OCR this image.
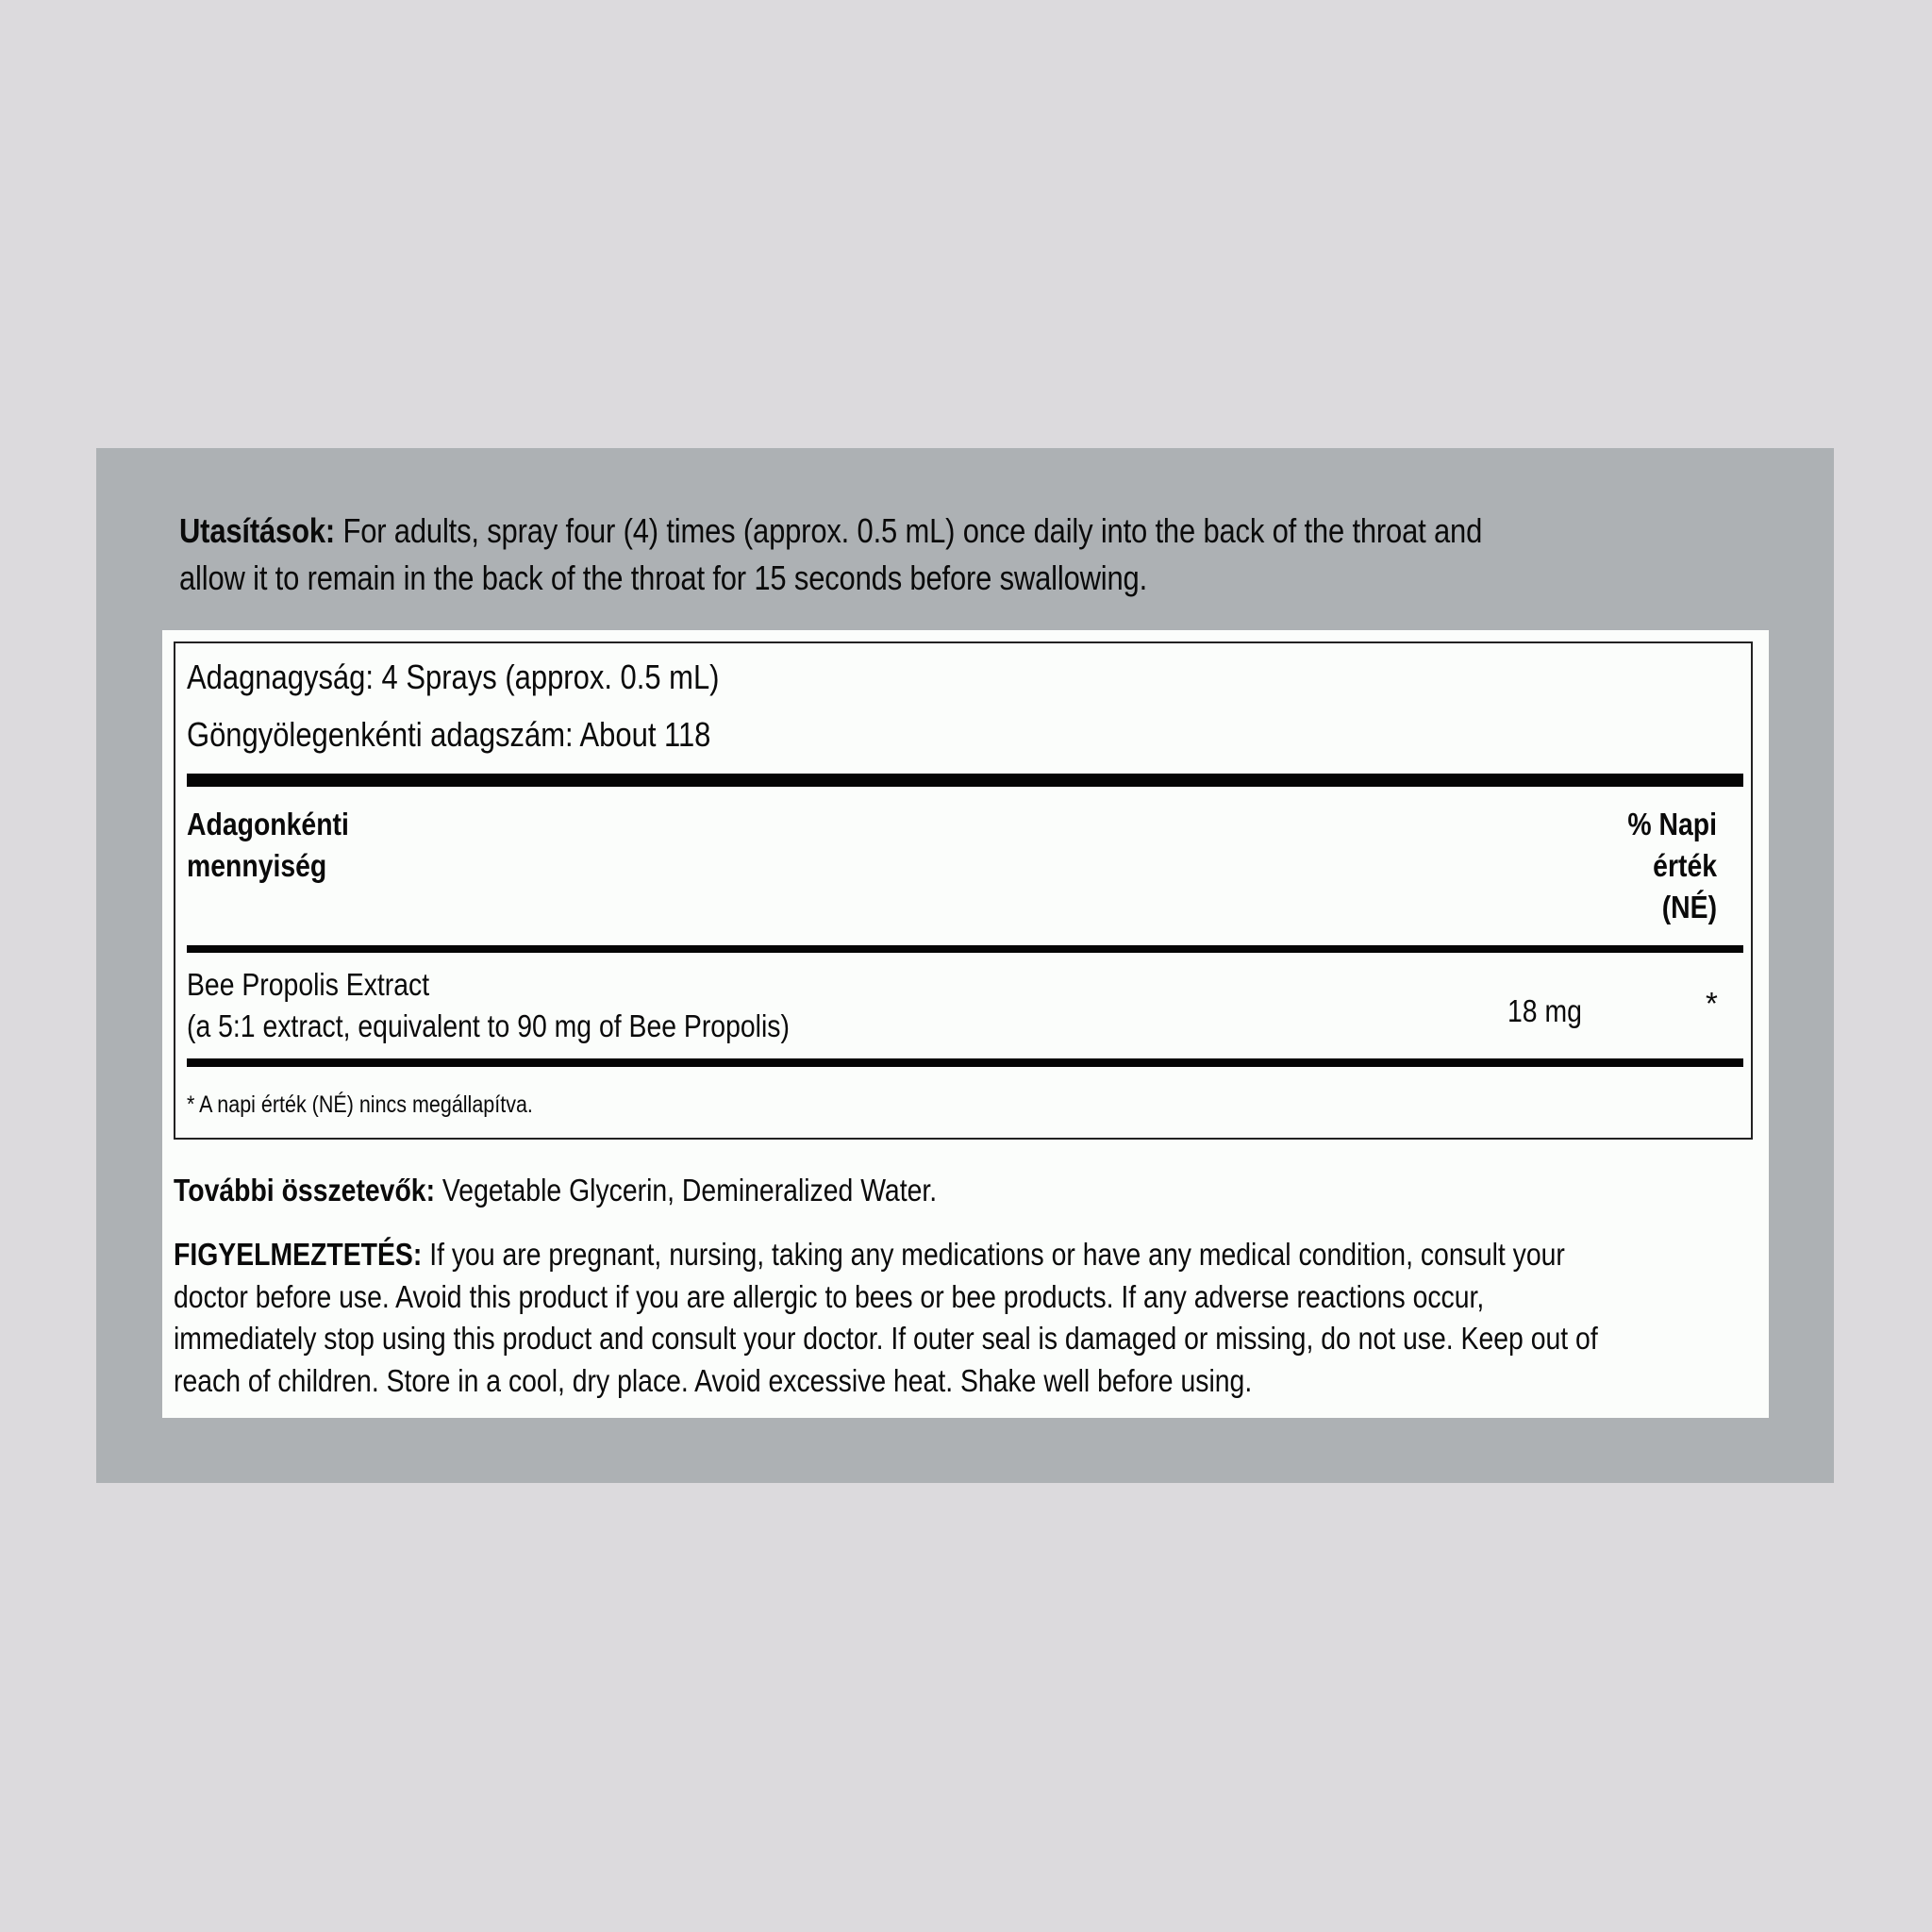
Utasítások: For adults, spray four (4) times (approx. 0.5 mL) once daily into the back of the throat and
allow it to remain in the back of the throat for 15 seconds before swallowing.
Adagnagyság: 4 Sprays (approx. 0.5 mL)
Göngyölegenkénti adagszám: About 118
Adagonkénti
mennyiség
% Napi
érték
(NÉ)
Bee Propolis Extract
(a 5:1 extract, equivalent to 90 mg of Bee Propolis)	18 mg	*
* A napi érték (NÉ) nincs megállapítva.
További összetevők: Vegetable Glycerin, Demineralized Water.
FIGYELMEZTETÉS: If you are pregnant, nursing, taking any medications or have any medical condition, consult your
doctor before use. Avoid this product if you are allergic to bees or bee products. If any adverse reactions occur,
immediately stop using this product and consult your doctor. If outer seal is damaged or missing, do not use. Keep out of
reach of children. Store in a cool, dry place. Avoid excessive heat. Shake well before using.
